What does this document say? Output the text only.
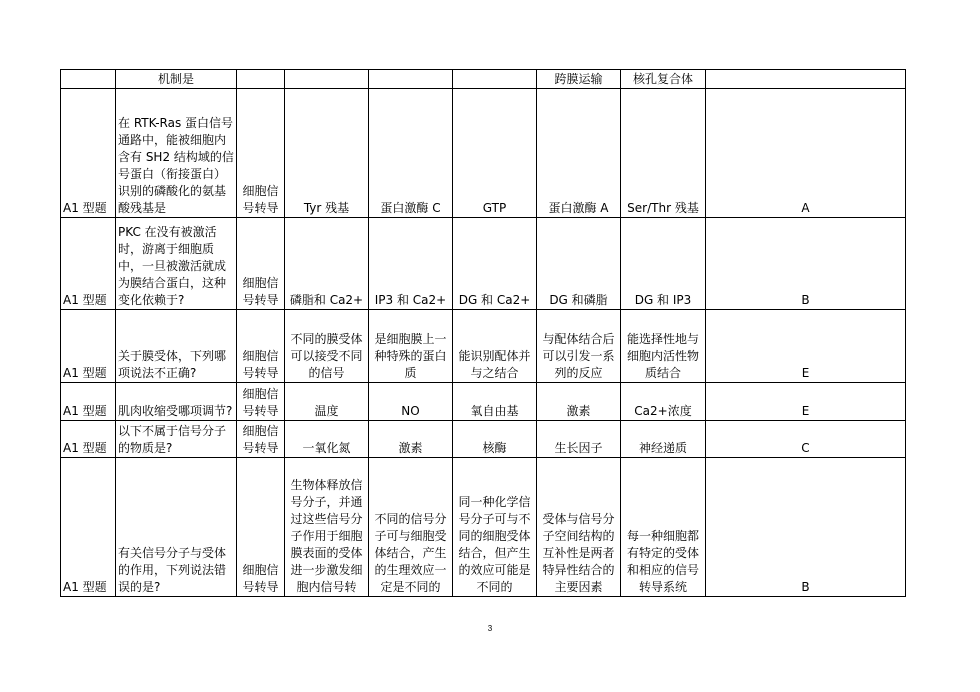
	机制是					跨膜运输	核孔复合体	
A1 型题	在 RTK-Ras 蛋白信号通路中，能被细胞内含有 SH2 结构域的信号蛋白（衔接蛋白）识别的磷酸化的氨基酸残基是	细胞信号转导	Tyr 残基	蛋白激酶 C	GTP	蛋白激酶 A	Ser/Thr 残基	A
A1 型题	PKC 在没有被激活时，游离于细胞质中，一旦被激活就成为膜结合蛋白，这种变化依赖于?	细胞信号转导	磷脂和 Ca2+	IP3 和 Ca2+	DG 和 Ca2+	DG 和磷脂	DG 和 IP3	B
A1 型题	关于膜受体，下列哪项说法不正确?	细胞信号转导	不同的膜受体可以接受不同的信号	是细胞膜上一种特殊的蛋白质	能识别配体并与之结合	与配体结合后可以引发一系列的反应	能选择性地与细胞内活性物质结合	E
A1 型题	肌肉收缩受哪项调节?	细胞信号转导	温度	NO	氧自由基	激素	Ca2+浓度	E
A1 型题	以下不属于信号分子的物质是?	细胞信号转导	一氧化氮	激素	核酶	生长因子	神经递质	C
A1 型题	有关信号分子与受体的作用，下列说法错误的是?	细胞信号转导	生物体释放信号分子，并通过这些信号分子作用于细胞膜表面的受体进一步激发细胞内信号转	不同的信号分子可与细胞受体结合，产生的生理效应一定是不同的	同一种化学信号分子可与不同的细胞受体结合，但产生的效应可能是不同的	受体与信号分子空间结构的互补性是两者特异性结合的主要因素	每一种细胞都有特定的受体和相应的信号转导系统	B
3
